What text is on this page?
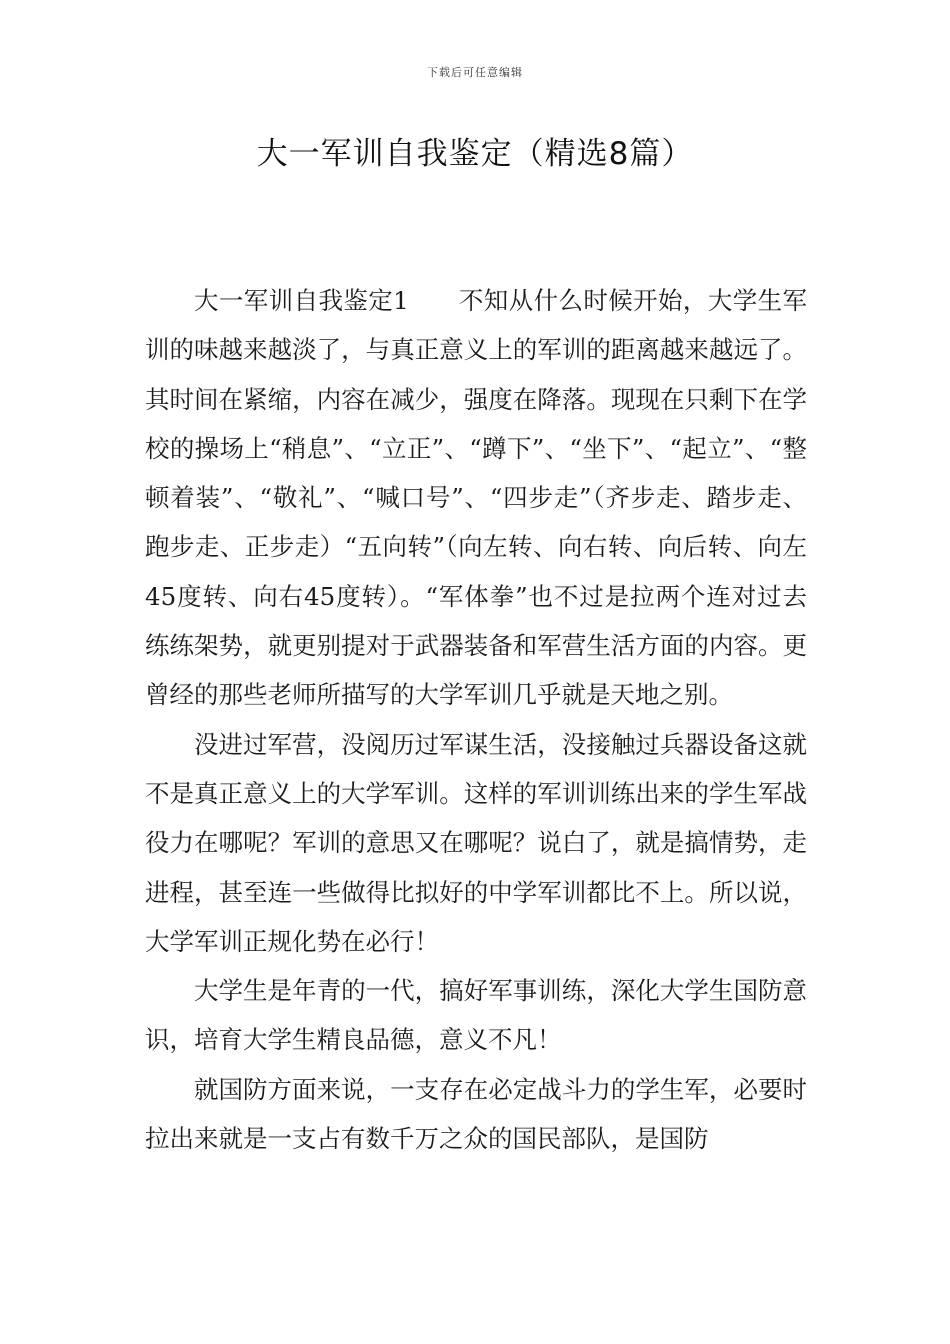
下载后可任意编辑
大一军训自我鉴定（精选8篇）

大一军训自我鉴定1　　不知从什么时候开始，大学生军训的味越来越淡了，与真正意义上的军训的距离越来越远了。其时间在紧缩，内容在减少，强度在降落。现现在只剩下在学校的操场上“稍息”、“立正”、“蹲下”、“坐下”、“起立”、“整顿着装”、“敬礼”、“喊口号”、“四步走”（齐步走、踏步走、跑步走、正步走）“五向转”（向左转、向右转、向后转、向左45度转、向右45度转）。“军体拳”也不过是拉两个连对过去练练架势，就更别提对于武器装备和军营生活方面的内容。更曾经的那些老师所描写的大学军训几乎就是天地之别。

没进过军营，没阅历过军谋生活，没接触过兵器设备这就不是真正意义上的大学军训。这样的军训训练出来的学生军战役力在哪呢？军训的意思又在哪呢？说白了，就是搞情势，走进程，甚至连一些做得比拟好的中学军训都比不上。所以说，大学军训正规化势在必行！

大学生是年青的一代，搞好军事训练，深化大学生国防意识，培育大学生精良品德，意义不凡！

就国防方面来说，一支存在必定战斗力的学生军，必要时拉出来就是一支占有数千万之众的国民部队，是国防
